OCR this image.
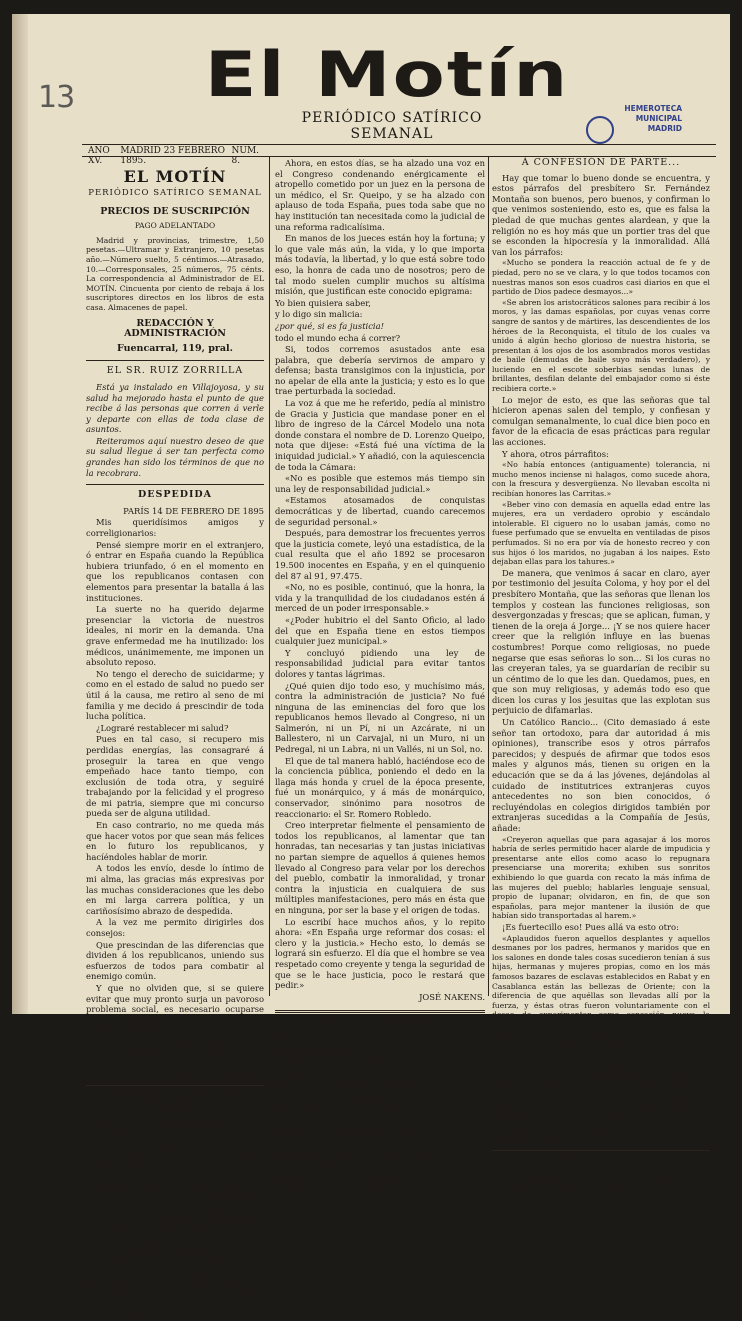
13	El Motín
PERIÓDICO SATÍRICO SEMANAL
HEMEROTECA
MUNICIPAL
MADRID
AÑO XV.
MADRID 23 FEBRERO 1895.
NÚM. 8.
EL MOTÍN
PERIÓDICO SATÍRICO SEMANAL
PRECIOS DE SUSCRIPCIÓN
PAGO ADELANTADO

Madrid y provincias, trimestre, 1,50 pesetas.—Ultramar y Extranjero, 10 pesetas año.—Número suelto, 5 céntimos.—Atrasado, 10.—Corresponsales, 25 números, 75 cénts. La correspondencia al Administrador de EL MOTÍN. Cincuenta por ciento de rebaja á los suscriptores directos en los libros de esta casa. Almacenes de papel.

REDACCIÓN Y ADMINISTRACIÓN
Fuencarral, 119, pral.
EL SR. RUIZ ZORRILLA

Está ya instalado en Villajoyosa, y su salud ha mejorado hasta el punto de que recibe á las personas que corren á verle y departe con ellas de toda clase de asuntos.

Reiteramos aquí nuestro deseo de que su salud llegue á ser tan perfecta como grandes han sido los términos de que no la recobrara.

DESPEDIDA

PARÍS 14 DE FEBRERO DE 1895

Mis queridísimos amigos y correligionarios:

Pensé siempre morir en el extranjero, ó entrar en España cuando la República hubiera triunfado, ó en el momento en que los republicanos contasen con elementos para presentar la batalla á las instituciones.

La suerte no ha querido dejarme presenciar la victoria de nuestros ideales, ni morir en la demanda. Una grave enfermedad me ha inutilizado: los médicos, unánimemente, me imponen un absoluto reposo.

No tengo el derecho de suicidarme; y como en el estado de salud no puedo ser útil á la causa, me retiro al seno de mi familia y me decido á prescindir de toda lucha política.

¿Lograré restablecer mi salud?

Pues en tal caso, si recupero mis perdidas energías, las consagraré á proseguir la tarea en que vengo empeñado hace tanto tiempo, con exclusión de toda otra, y seguiré trabajando por la felicidad y el progreso de mi patria, siempre que mi concurso pueda ser de alguna utilidad.

En caso contrario, no me queda más que hacer votos por que sean más felices en lo futuro los republicanos, y hacíéndoles hablar de morir.

A todos les envío, desde lo íntimo de mi alma, las gracias más expresivas por las muchas consideraciones que les debo en mi larga carrera política, y un cariñosísimo abrazo de despedida.

A la vez me permito dirigirles dos consejos:

Que prescindan de las diferencias que dividen á los republicanos, uniendo sus esfuerzos de todos para combatir al enemigo común.

Y que no olviden que, si se quiere evitar que muy pronto surja un pavoroso problema social, es necesario ocuparse de las múltiples cuestiones sociales, que no admiten espera, y que no pase día sin que las clases obreras vean que las llamadas directoras se ocupan de sus necesidades.

MANUEL RUIZ ZORRILLA

LA ADMINISTRACIÓN DE JUSTICIA

¿Habrá hijo alguno que no desee que su padre sea el más valiente sí de valor se trata, el más sabio sí de sabiduría, el más honrado si de honradez? Seguramente que no.

Y por el mismo principio ¿habrá republicano que no desee que sus representantes, lo mismo en el Congreso que en el Municipio, sean los más intransigentes defensores del derecho, los más resueltos enemigos de la injusticia? Seguramente que tampoco.

Y, sin embargo, este deseo encarna muy pocas veces en la realidad. Las iniciativas en los asuntos graves, trascendentales, que afectan á la vida de la sociedad, que son comunes á todos, casi nunca la toman ellos. Es desconsolador.

Ahora, en estos días, se ha alzado una voz en el Congreso condenando enérgicamente el atropello cometido por un juez en la persona de un médico, el Sr. Queipo, y se ha alzado con aplauso de toda España, pues toda sabe que no hay institución tan necesitada como la judicial de una reforma radicalísima.

En manos de los jueces están hoy la fortuna; y lo que vale más aún, la vida, y lo que importa más todavía, la libertad, y lo que está sobre todo eso, la honra de cada uno de nosotros; pero de tal modo suelen cumplir muchos su altísima misión, que justifican este conocido epigrama:

Yo bien quisiera saber,

y lo digo sin malicia:

¿por qué, si es fa justicia!

todo el mundo echa á correr?

Si, todos corremos asustados ante esa palabra, que debería servirnos de amparo y defensa; basta transigimos con la injusticia, por no apelar de ella ante la justicia; y esto es lo que trae perturbada la sociedad.

La voz á que me he referido, pedía al ministro de Gracia y Justicia que mandase poner en el libro de ingreso de la Cárcel Modelo una nota donde constara el nombre de D. Lorenzo Queipo, nota que dijese: «Está fué una víctima de la iniquidad judicial.» Y añadió, con la aquiescencia de toda la Cámara:

«No es posible que estemos más tiempo sin una ley de responsabilidad judicial.»

«Estamos atosamados de conquistas democráticas y de libertad, cuando carecemos de seguridad personal.»

Después, para demostrar los frecuentes yerros que la justicia comete, leyó una estadística, de la cual resulta que el año 1892 se procesaron 19.500 inocentes en España, y en el quinquenio del 87 al 91, 97.475.

«No, no es posible, continuó, que la honra, la vida y la tranquilidad de los ciudadanos estén á merced de un poder irresponsable.»

«¿Poder hubitrio el del Santo Oficio, al lado del que en España tiene en estos tiempos cualquier juez municipal.»

Y concluyó pidiendo una ley de responsabilidad judicial para evitar tantos dolores y tantas lágrimas.

¿Qué quien dijo todo eso, y muchísimo más, contra la administración de justicia? No fué ninguna de las eminencias del foro que los republicanos hemos llevado al Congreso, ni un Salmerón, ni un Pí, ni un Azcárate, ni un Ballestero, ni un Carvajal, ni un Muro, ni un Pedregal, ni un Labra, ni un Vallés, ni un Sol, no.

El que de tal manera habló, haciéndose eco de la conciencia pública, poniendo el dedo en la llaga más honda y cruel de la época presente, fué un monárquico, y á más de monárquico, conservador, sinónimo para nosotros de reaccionario: el Sr. Romero Robledo.

Creo interpretar fielmente el pensamiento de todos los republicanos, al lamentar que tan honradas, tan necesarias y tan justas iniciativas no partan siempre de aquellos á quienes hemos llevado al Congreso para velar por los derechos del pueblo, combatir la inmoralidad, y tronar contra la injusticia en cualquiera de sus múltiples manifestaciones, pero más en ésta que en ninguna, por ser la base y el origen de todas.

Lo escribí hace muchos años, y lo repito ahora: «En España urge reformar dos cosas: el clero y la justicia.» Hecho esto, lo demás se logrará sin esfuerzo. El día que el hombre se vea respetado como creyente y tenga la seguridad de que se le hace justicia, poco le restará que pedir.»

JOSÉ NAKENS.

LA INVALIDA DEL PECADO

Da al pordiosero, si la ven, un cuarto,

pero le encarga que por ella rece,

y en tanto en el manguito abriga y mece

al faldero de bizcochos harto.

Nunca alcanza su don en el reparto

el que de ropas y de hogar carece,

mas por ella con joyas resplandece

la virgen de la Leche y el Buen Parto.

Del refinado afeite dió en la incuria,

y hoy desgasta los santos con sus besos,

porque aún le queda de besar la furia.

Gastó la carne en líbricos excesos,

y del torpe festín de la lujuria

á Dios ofrece los mondados huesos.

Á CONFESIÓN DE PARTE...

Hay que tomar lo bueno donde se encuentra, y estos párrafos del presbítero Sr. Fernández Montaña son buenos, pero buenos, y confirman lo que venimos sosteniendo, esto es, que es falsa la piedad de que muchas gentes alardean, y que la religión no es hoy más que un portier tras del que se esconden la hipocresía y la inmoralidad. Allá van los párrafos:

«Mucho se pondera la reacción actual de fe y de piedad, pero no se ve clara, y lo que todos tocamos con nuestras manos son esos cuadros casi diarios en que el partido de Dios padece desmayos...»

«Se abren los aristocráticos salones para recibir á los moros, y las damas españolas, por cuyas venas corre sangre de santos y de mártires, las descendientes de los héroes de la Reconquista, el título de los cuales va unido á algún hecho glorioso de nuestra historia, se presentan á los ojos de los asombrados moros vestidas de baile (demudas de baile suyo más verdadero), y luciendo en el escote soberbias sendas lunas de brillantes, desfilan delante del embajador como si éste recibiera corte.»

Lo mejor de esto, es que las señoras que tal hicieron apenas salen del templo, y confiesan y comulgan semanalmente, lo cual dice bien poco en favor de la eficacia de esas prácticas para regular las acciones.

Y ahora, otros párrafitos:

«No había entonces (antiguamente) tolerancia, ni mucho menos inciense ni halagos, como sucede ahora, con la frescura y desvergüenza. No llevaban escolta ni recibían honores las Carritas.»

«Beber vino con demasía en aquella edad entre las mujeres, era un verdadero oprobio y escándalo intolerable. El ciguero no lo usaban jamás, como no fuese perfumado que se envuelta en ventiladas de pisos perfumados. Si no era por vía de honesto recreo y con sus hijos ó los maridos, no jugaban á los naipes. Esto dejaban ellas para los tahures.»

De manera, que venimos á sacar en claro, ayer por testimonio del jesuíta Coloma, y hoy por el del presbítero Montaña, que las señoras que llenan los templos y costean las funciones religiosas, son desvergonzadas y frescas; que se aplican, fuman, y tienen de la oreja á Jorge... ¡Y se nos quiere hacer creer que la religión influye en las buenas costumbres! Porque como religiosas, no puede negarse que esas señoras lo son... Si los curas no las creyeran tales, ya se guardarían de recibir su un céntimo de lo que les dan. Quedamos, pues, en que son muy religiosas, y además todo eso que dicen los curas y los jesuitas que las explotan sus perjuicio de difamarlas.

Un Católico Rancio... (Cito demasiado á este señor tan ortodoxo, para dar autoridad á mis opiniones), transcribe esos y otros párrafos parecidos; y después de afirmar que todos esos males y algunos más, tienen su origen en la educación que se da á las jóvenes, dejándolas al cuidado de institutrices extranjeras cuyos antecedentes no son bien conocidos, ó recluyéndolas en colegios dirigidos también por extranjeras sucedidas a la Compañía de Jesús, añade:

«Creyeron aquellas que para agasajar á los moros habría de serles permitido hacer alarde de impudicia y presentarse ante ellos como acaso lo repugnara presenciarse una morerita; exhiben sus sonritos exhibiendo lo que guarda con recato la más ínfima de las mujeres del pueblo; hablarles lenguaje sensual, propio de lupanar; olvidaron, en fin, de que son españolas, para mejor mantener la ilusión de que habían sido transportadas al harem.»

¡Es fuertecillo eso! Pues allá va esto otro:

«Aplaudidos fueron aquellos desplantes y aquellos desmanes por los padres, hermanos y maridos que en los salones en donde tales cosas sucedieron tenían á sus hijas, hermanas y mujeres propias, como en los más famosos bazares de esclavas establecidos en Rabat y en Casablanca están las bellezas de Oriente; con la diferencia de que aquéllas son llevadas allí por la fuerza, y éstas otras fueron voluntariamente con el deseo de experimentar como sensación nueva la manifestación del deseo expresada sin atenuaciones por un hombre semisalvaje á la vista de cuanto más habría de servir para despertar sus ánsias de bestia en estado de celo.»

Jesuitas, curas y monárquicos son los que hablan así contra las señoras que no salen de las iglesias y vuelvan sus bolsas en la del cura. No seré yo quien los desmienta, porque cumple á mi propósito hacer constar, con autoridades tan irrefutables, que el concurrir á los templos no supone, ni en las mujeres ni en los hombres, cualidades dignas de encomio.

EL QUE MAL ANDA...

Pues, señor, parece ser que lo del cura de Alcantarilla ocurrió de este modo.
